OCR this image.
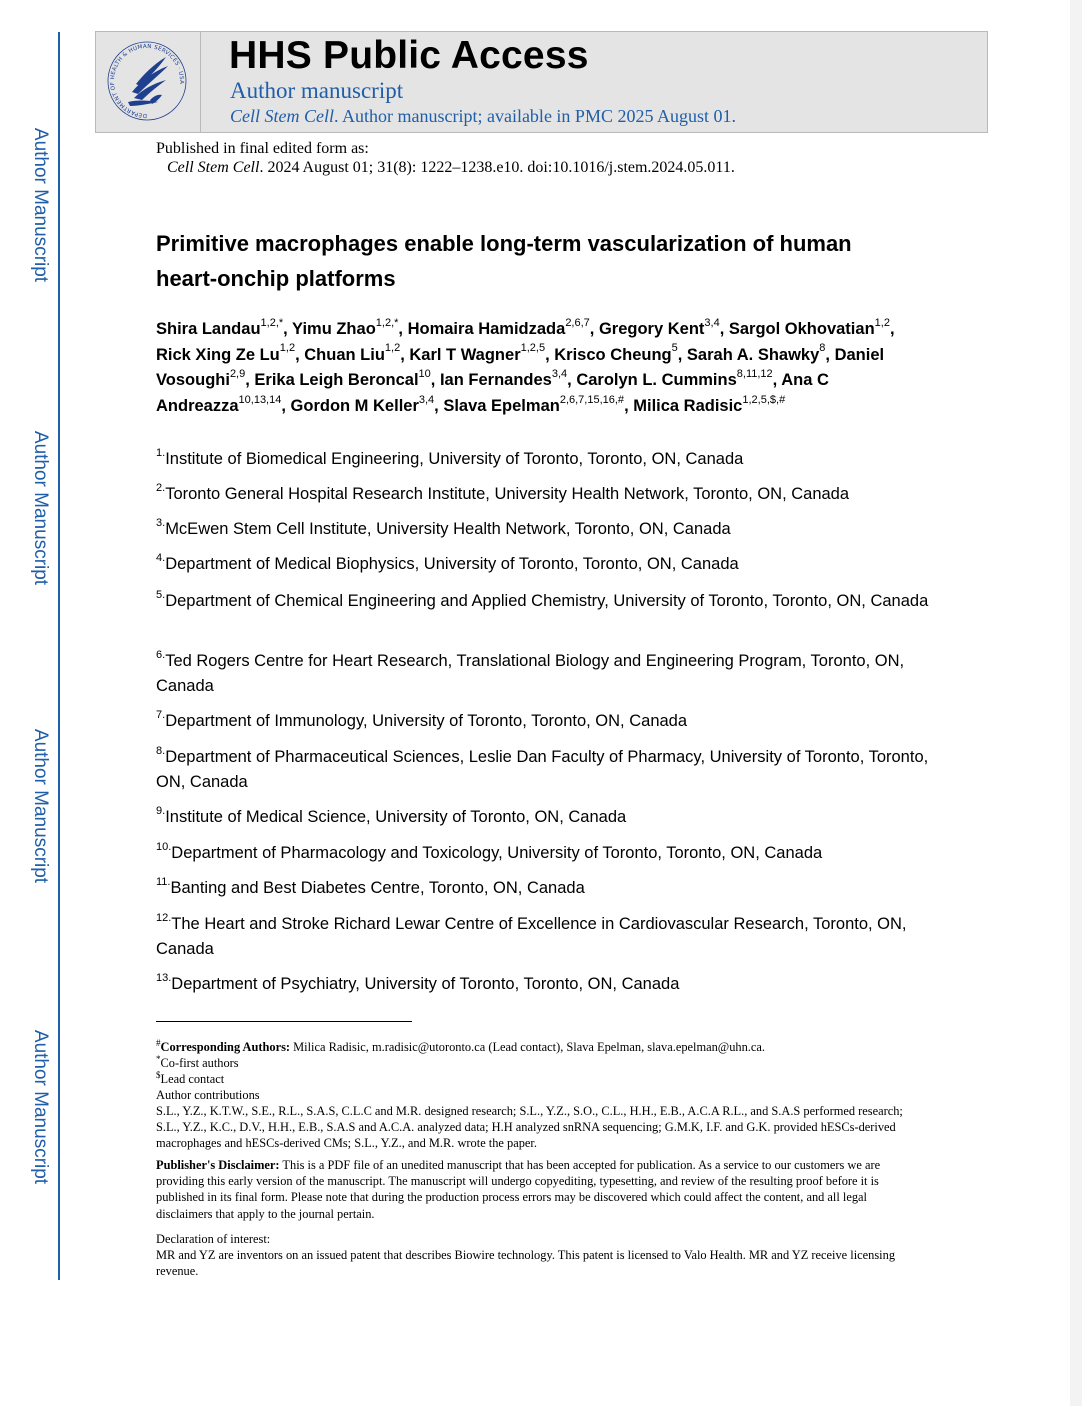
Author Manuscript
Author Manuscript
Author Manuscript
Author Manuscript
DEPARTMENT OF HEALTH & HUMAN SERVICES · USA
HHS Public Access
Author manuscript
Cell Stem Cell. Author manuscript; available in PMC 2025 August 01.
Published in final edited form as:
Cell Stem Cell. 2024 August 01; 31(8): 1222–1238.e10. doi:10.1016/j.stem.2024.05.011.
Primitive macrophages enable long-term vascularization of human heart-onchip platforms
Shira Landau$^{1,2,*}$, Yimu Zhao$^{1,2,*}$, Homaira Hamidzada$^{2,6,7}$, Gregory Kent$^{3,4}$, Sargol Okhovatian$^{1,2}$, Rick Xing Ze Lu$^{1,2}$, Chuan Liu$^{1,2}$, Karl T Wagner$^{1,2,5}$, Krisco Cheung$^5$, Sarah A. Shawky$^8$, Daniel Vosoughi$^{2,9}$, Erika Leigh Beroncal$^{10}$, Ian Fernandes$^{3,4}$, Carolyn L. Cummins$^{8,11,12}$, Ana C Andreazza$^{10,13,14}$, Gordon M Keller$^{3,4}$, Slava Epelman$^{2,6,7,15,16,\#}$, Milica Radisic$^{1,2,5,\$,\#}$
$^{1.}$Institute of Biomedical Engineering, University of Toronto, Toronto, ON, Canada
$^{2.}$Toronto General Hospital Research Institute, University Health Network, Toronto, ON, Canada
$^{3.}$McEwen Stem Cell Institute, University Health Network, Toronto, ON, Canada
$^{4.}$Department of Medical Biophysics, University of Toronto, Toronto, ON, Canada
$^{5.}$Department of Chemical Engineering and Applied Chemistry, University of Toronto, Toronto, ON, Canada
$^{6.}$Ted Rogers Centre for Heart Research, Translational Biology and Engineering Program, Toronto, ON, Canada
$^{7.}$Department of Immunology, University of Toronto, Toronto, ON, Canada
$^{8.}$Department of Pharmaceutical Sciences, Leslie Dan Faculty of Pharmacy, University of Toronto, Toronto, ON, Canada
$^{9.}$Institute of Medical Science, University of Toronto, ON, Canada
$^{10.}$Department of Pharmacology and Toxicology, University of Toronto, Toronto, ON, Canada
$^{11.}$Banting and Best Diabetes Centre, Toronto, ON, Canada
$^{12.}$The Heart and Stroke Richard Lewar Centre of Excellence in Cardiovascular Research, Toronto, ON, Canada
$^{13.}$Department of Psychiatry, University of Toronto, Toronto, ON, Canada
#Corresponding Authors: Milica Radisic, m.radisic@utoronto.ca (Lead contact), Slava Epelman, slava.epelman@uhn.ca.
*Co-first authors
$Lead contact
Author contributions
S.L., Y.Z., K.T.W., S.E., R.L., S.A.S, C.L.C and M.R. designed research; S.L., Y.Z., S.O., C.L., H.H., E.B., A.C.A R.L., and S.A.S performed research; S.L., Y.Z., K.C., D.V., H.H., E.B., S.A.S and A.C.A. analyzed data; H.H analyzed snRNA sequencing; G.M.K, I.F. and G.K. provided hESCs-derived macrophages and hESCs-derived CMs; S.L., Y.Z., and M.R. wrote the paper.
Publisher's Disclaimer: This is a PDF file of an unedited manuscript that has been accepted for publication. As a service to our customers we are providing this early version of the manuscript. The manuscript will undergo copyediting, typesetting, and review of the resulting proof before it is published in its final form. Please note that during the production process errors may be discovered which could affect the content, and all legal disclaimers that apply to the journal pertain.
Declaration of interest:
MR and YZ are inventors on an issued patent that describes Biowire technology. This patent is licensed to Valo Health. MR and YZ receive licensing revenue.
